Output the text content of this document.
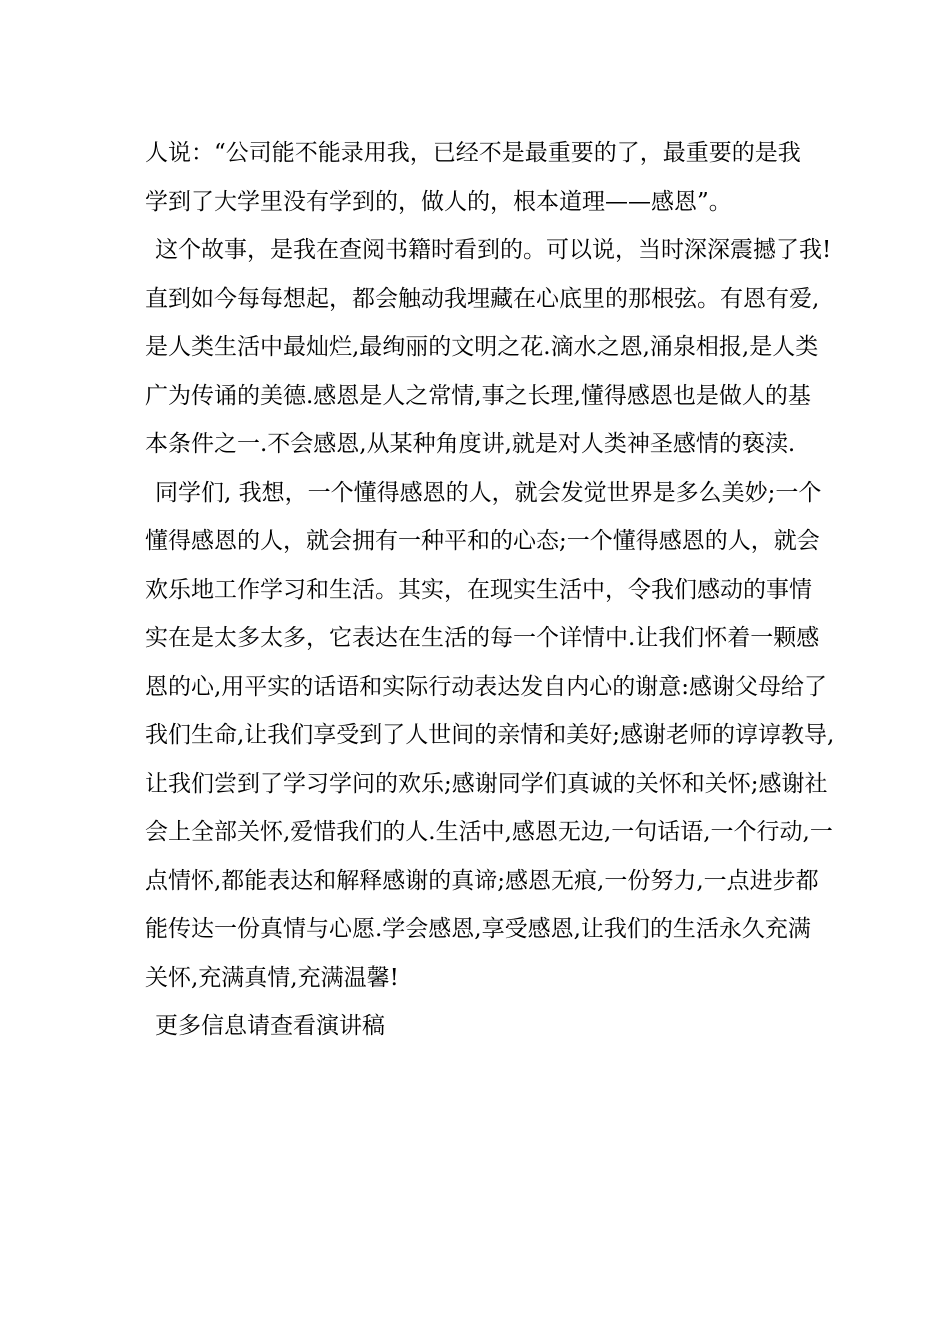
人说：“公司能不能录用我，已经不是最重要的了，最重要的是我
学到了大学里没有学到的，做人的，根本道理——感恩”。
这个故事，是我在查阅书籍时看到的。可以说，当时深深震撼了我!
直到如今每每想起，都会触动我埋藏在心底里的那根弦。有恩有爱,
是人类生活中最灿烂,最绚丽的文明之花.滴水之恩,涌泉相报,是人类
广为传诵的美德.感恩是人之常情,事之长理,懂得感恩也是做人的基
本条件之一.不会感恩,从某种角度讲,就是对人类神圣感情的亵渎.
同学们, 我想，一个懂得感恩的人，就会发觉世界是多么美妙;一个
懂得感恩的人，就会拥有一种平和的心态;一个懂得感恩的人，就会
欢乐地工作学习和生活。其实，在现实生活中，令我们感动的事情
实在是太多太多，它表达在生活的每一个详情中.让我们怀着一颗感
恩的心,用平实的话语和实际行动表达发自内心的谢意:感谢父母给了
我们生命,让我们享受到了人世间的亲情和美好;感谢老师的谆谆教导,
让我们尝到了学习学问的欢乐;感谢同学们真诚的关怀和关怀;感谢社
会上全部关怀,爱惜我们的人.生活中,感恩无边,一句话语,一个行动,一
点情怀,都能表达和解释感谢的真谛;感恩无痕,一份努力,一点进步都
能传达一份真情与心愿.学会感恩,享受感恩,让我们的生活永久充满
关怀,充满真情,充满温馨!
更多信息请查看演讲稿
